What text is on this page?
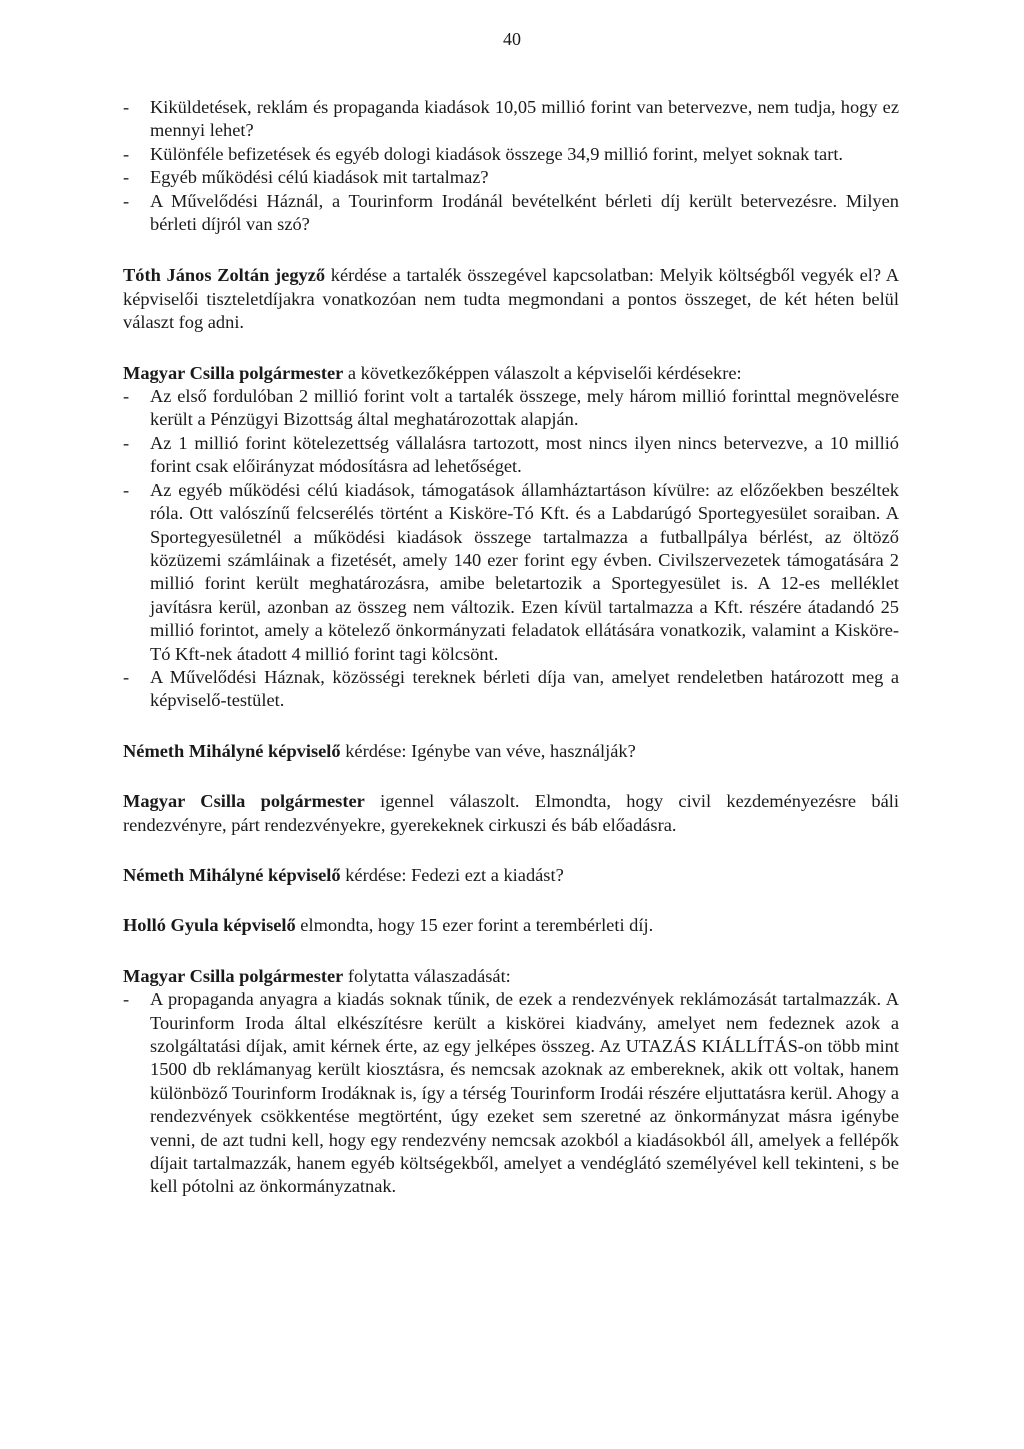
40
- Kiküldetések, reklám és propaganda kiadások 10,05 millió forint van betervezve, nem tudja, hogy ez mennyi lehet?
- Különféle befizetések és egyéb dologi kiadások összege 34,9 millió forint, melyet soknak tart.
- Egyéb működési célú kiadások mit tartalmaz?
- A Művelődési Háznál, a Tourinform Irodánál bevételként bérleti díj került betervezésre. Milyen bérleti díjról van szó?

Tóth János Zoltán jegyző kérdése a tartalék összegével kapcsolatban: Melyik költségből vegyék el? A képviselői tiszteletdíjakra vonatkozóan nem tudta megmondani a pontos összeget, de két héten belül választ fog adni.

Magyar Csilla polgármester a következőképpen válaszolt a képviselői kérdésekre:

- Az első fordulóban 2 millió forint volt a tartalék összege, mely három millió forinttal megnövelésre került a Pénzügyi Bizottság által meghatározottak alapján.
- Az 1 millió forint kötelezettség vállalásra tartozott, most nincs ilyen nincs betervezve, a 10 millió forint csak előirányzat módosításra ad lehetőséget.
- Az egyéb működési célú kiadások, támogatások államháztartáson kívülre: az előzőekben beszéltek róla. Ott valószínű felcserélés történt a Kisköre-Tó Kft. és a Labdarúgó Sportegyesület soraiban. A Sportegyesületnél a működési kiadások összege tartalmazza a futballpálya bérlést, az öltöző közüzemi számláinak a fizetését, amely 140 ezer forint egy évben. Civilszervezetek támogatására 2 millió forint került meghatározásra, amibe beletartozik a Sportegyesület is. A 12-es melléklet javításra kerül, azonban az összeg nem változik. Ezen kívül tartalmazza a Kft. részére átadandó 25 millió forintot, amely a kötelező önkormányzati feladatok ellátására vonatkozik, valamint a Kisköre-Tó Kft-nek átadott 4 millió forint tagi kölcsönt.
- A Művelődési Háznak, közösségi tereknek bérleti díja van, amelyet rendeletben határozott meg a képviselő-testület.

Németh Mihályné képviselő kérdése: Igénybe van véve, használják?

Magyar Csilla polgármester igennel válaszolt. Elmondta, hogy civil kezdeményezésre báli rendezvényre, párt rendezvényekre, gyerekeknek cirkuszi és báb előadásra.

Németh Mihályné képviselő kérdése: Fedezi ezt a kiadást?

Holló Gyula képviselő elmondta, hogy 15 ezer forint a terembérleti díj.

Magyar Csilla polgármester folytatta válaszadását:

- A propaganda anyagra a kiadás soknak tűnik, de ezek a rendezvények reklámozását tartalmazzák. A Tourinform Iroda által elkészítésre került a kiskörei kiadvány, amelyet nem fedeznek azok a szolgáltatási díjak, amit kérnek érte, az egy jelképes összeg. Az UTAZÁS KIÁLLÍTÁS-on több mint 1500 db reklámanyag került kiosztásra, és nemcsak azoknak az embereknek, akik ott voltak, hanem különböző Tourinform Irodáknak is, így a térség Tourinform Irodái részére eljuttatásra kerül. Ahogy a rendezvények csökkentése megtörtént, úgy ezeket sem szeretné az önkormányzat másra igénybe venni, de azt tudni kell, hogy egy rendezvény nemcsak azokból a kiadásokból áll, amelyek a fellépők díjait tartalmazzák, hanem egyéb költségekből, amelyet a vendéglátó személyével kell tekinteni, s be kell pótolni az önkormányzatnak.
